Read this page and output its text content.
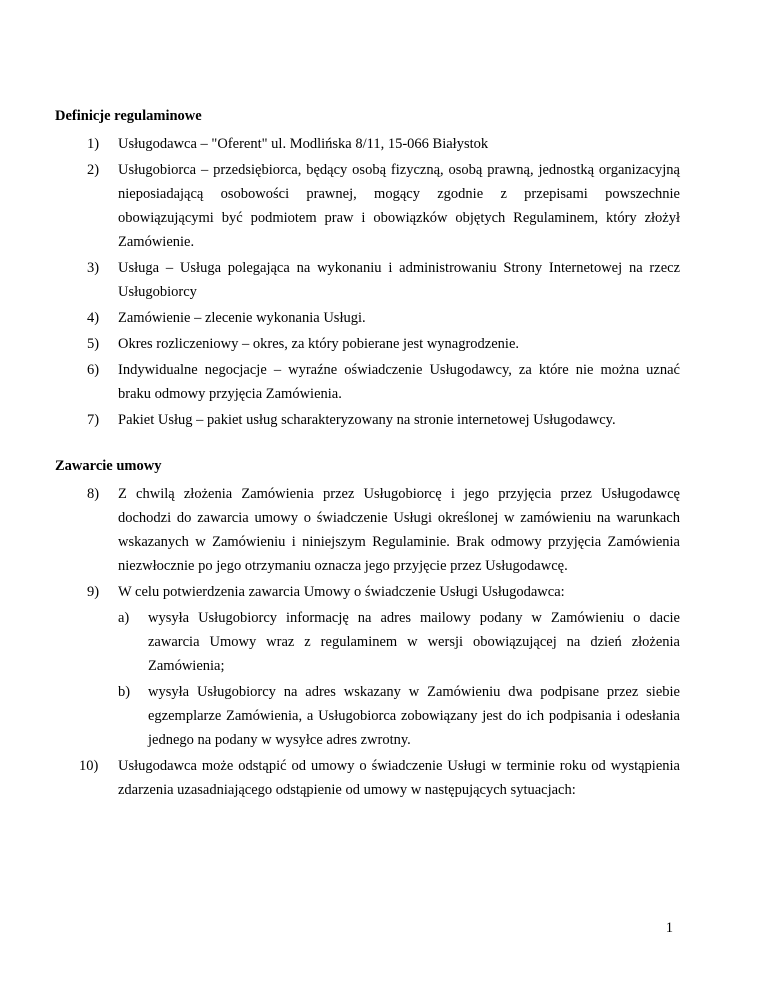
Definicje regulaminowe

1) Usługodawca – "Oferent" ul. Modlińska 8/11, 15-066 Białystok
2) Usługobiorca – przedsiębiorca, będący osobą fizyczną, osobą prawną, jednostką organizacyjną nieposiadającą osobowości prawnej, mogący zgodnie z przepisami powszechnie obowiązującymi być podmiotem praw i obowiązków objętych Regulaminem, który złożył Zamówienie.
3) Usługa – Usługa polegająca na wykonaniu i administrowaniu Strony Internetowej na rzecz Usługobiorcy
4) Zamówienie – zlecenie wykonania Usługi.
5) Okres rozliczeniowy – okres, za który pobierane jest wynagrodzenie.
6) Indywidualne negocjacje – wyraźne oświadczenie Usługodawcy, za które nie można uznać braku odmowy przyjęcia Zamówienia.
7) Pakiet Usług – pakiet usług scharakteryzowany na stronie internetowej Usługodawcy.

Zawarcie umowy

8) Z chwilą złożenia Zamówienia przez Usługobiorcę i jego przyjęcia przez Usługodawcę dochodzi do zawarcia umowy o świadczenie Usługi określonej w zamówieniu na warunkach wskazanych w Zamówieniu i niniejszym Regulaminie. Brak odmowy przyjęcia Zamówienia niezwłocznie po jego otrzymaniu oznacza jego przyjęcie przez Usługodawcę.
9) W celu potwierdzenia zawarcia Umowy o świadczenie Usługi Usługodawca:
a) wysyła Usługobiorcy informację na adres mailowy podany w Zamówieniu o dacie zawarcia Umowy wraz z regulaminem w wersji obowiązującej na dzień złożenia Zamówienia;
b) wysyła Usługobiorcy na adres wskazany w Zamówieniu dwa podpisane przez siebie egzemplarze Zamówienia, a Usługobiorca zobowiązany jest do ich podpisania i odesłania jednego na podany w wysyłce adres zwrotny.
10) Usługodawca może odstąpić od umowy o świadczenie Usługi w terminie roku od wystąpienia zdarzenia uzasadniającego odstąpienie od umowy w następujących sytuacjach:
1
